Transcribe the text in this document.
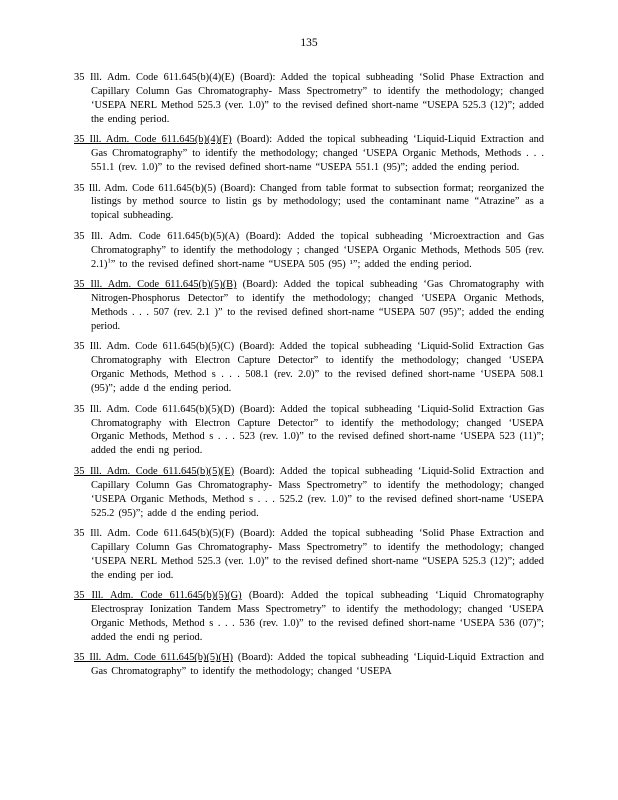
135

35 Ill. Adm. Code 611.645(b)(4)(E) (Board): Added the topical subheading ‘Solid Phase Extraction and Capillary Column Gas Chromatography- Mass Spectrometry” to identify the methodology; changed ‘USEPA NERL Method 525.3 (ver. 1.0)” to the revised defined short-name “USEPA 525.3 (12)”; added the ending period.

35 Ill. Adm. Code 611.645(b)(4)(F) (Board): Added the topical subheading ‘Liquid-Liquid Extraction and Gas Chromatography” to identify the methodology; changed ‘USEPA Organic Methods, Methods . . . 551.1 (rev. 1.0)” to the revised defined short-name “USEPA 551.1 (95)”; added the ending period.

35 Ill. Adm. Code 611.645(b)(5) (Board): Changed from table format to subsection format; reorganized the listings by method source to listin gs by methodology; used the contaminant name “Atrazine” as a topical subheading.

35 Ill. Adm. Code 611.645(b)(5)(A) (Board): Added the topical subheading ‘Microextraction and Gas Chromatography” to identify the methodology ; changed ‘USEPA Organic Methods, Methods 505 (rev. 2.1)$^1$” to the revised defined short-name “USEPA 505 (95) ¹”; added the ending period.

35 Ill. Adm. Code 611.645(b)(5)(B) (Board): Added the topical subheading ‘Gas Chromatography with Nitrogen-Phosphorus Detector” to identify the methodology; changed ‘USEPA Organic Methods, Methods . . . 507 (rev. 2.1 )” to the revised defined short-name “USEPA 507 (95)”; added the ending period.

35 Ill. Adm. Code 611.645(b)(5)(C) (Board): Added the topical subheading ‘Liquid-Solid Extraction Gas Chromatography with Electron Capture Detector” to identify the methodology; changed ‘USEPA Organic Methods, Method s . . . 508.1 (rev. 2.0)” to the revised defined short-name ‘USEPA 508.1 (95)”; adde d the ending period.

35 Ill. Adm. Code 611.645(b)(5)(D) (Board): Added the topical subheading ‘Liquid-Solid Extraction Gas Chromatography with Electron Capture Detector” to identify the methodology; changed ‘USEPA Organic Methods, Method s . . . 523 (rev. 1.0)” to the revised defined short-name ‘USEPA 523 (11)”; added the endi ng period.

35 Ill. Adm. Code 611.645(b)(5)(E) (Board): Added the topical subheading ‘Liquid-Solid Extraction and Capillary Column Gas Chromatography- Mass Spectrometry” to identify the methodology; changed ‘USEPA Organic Methods, Method s . . . 525.2 (rev. 1.0)” to the revised defined short-name ‘USEPA 525.2 (95)”; adde d the ending period.

35 Ill. Adm. Code 611.645(b)(5)(F) (Board): Added the topical subheading ‘Solid Phase Extraction and Capillary Column Gas Chromatography- Mass Spectrometry” to identify the methodology; changed ‘USEPA NERL Method 525.3 (ver. 1.0)” to the revised defined short-name “USEPA 525.3 (12)”; added the ending per iod.

35 Ill. Adm. Code 611.645(b)(5)(G) (Board): Added the topical subheading ‘Liquid Chromatography Electrospray Ionization Tandem Mass Spectrometry” to identify the methodology; changed ‘USEPA Organic Methods, Method s . . . 536 (rev. 1.0)” to the revised defined short-name ‘USEPA 536 (07)”; added the endi ng period.

35 Ill. Adm. Code 611.645(b)(5)(H) (Board): Added the topical subheading ‘Liquid-Liquid Extraction and Gas Chromatography” to identify the methodology; changed ‘USEPA
